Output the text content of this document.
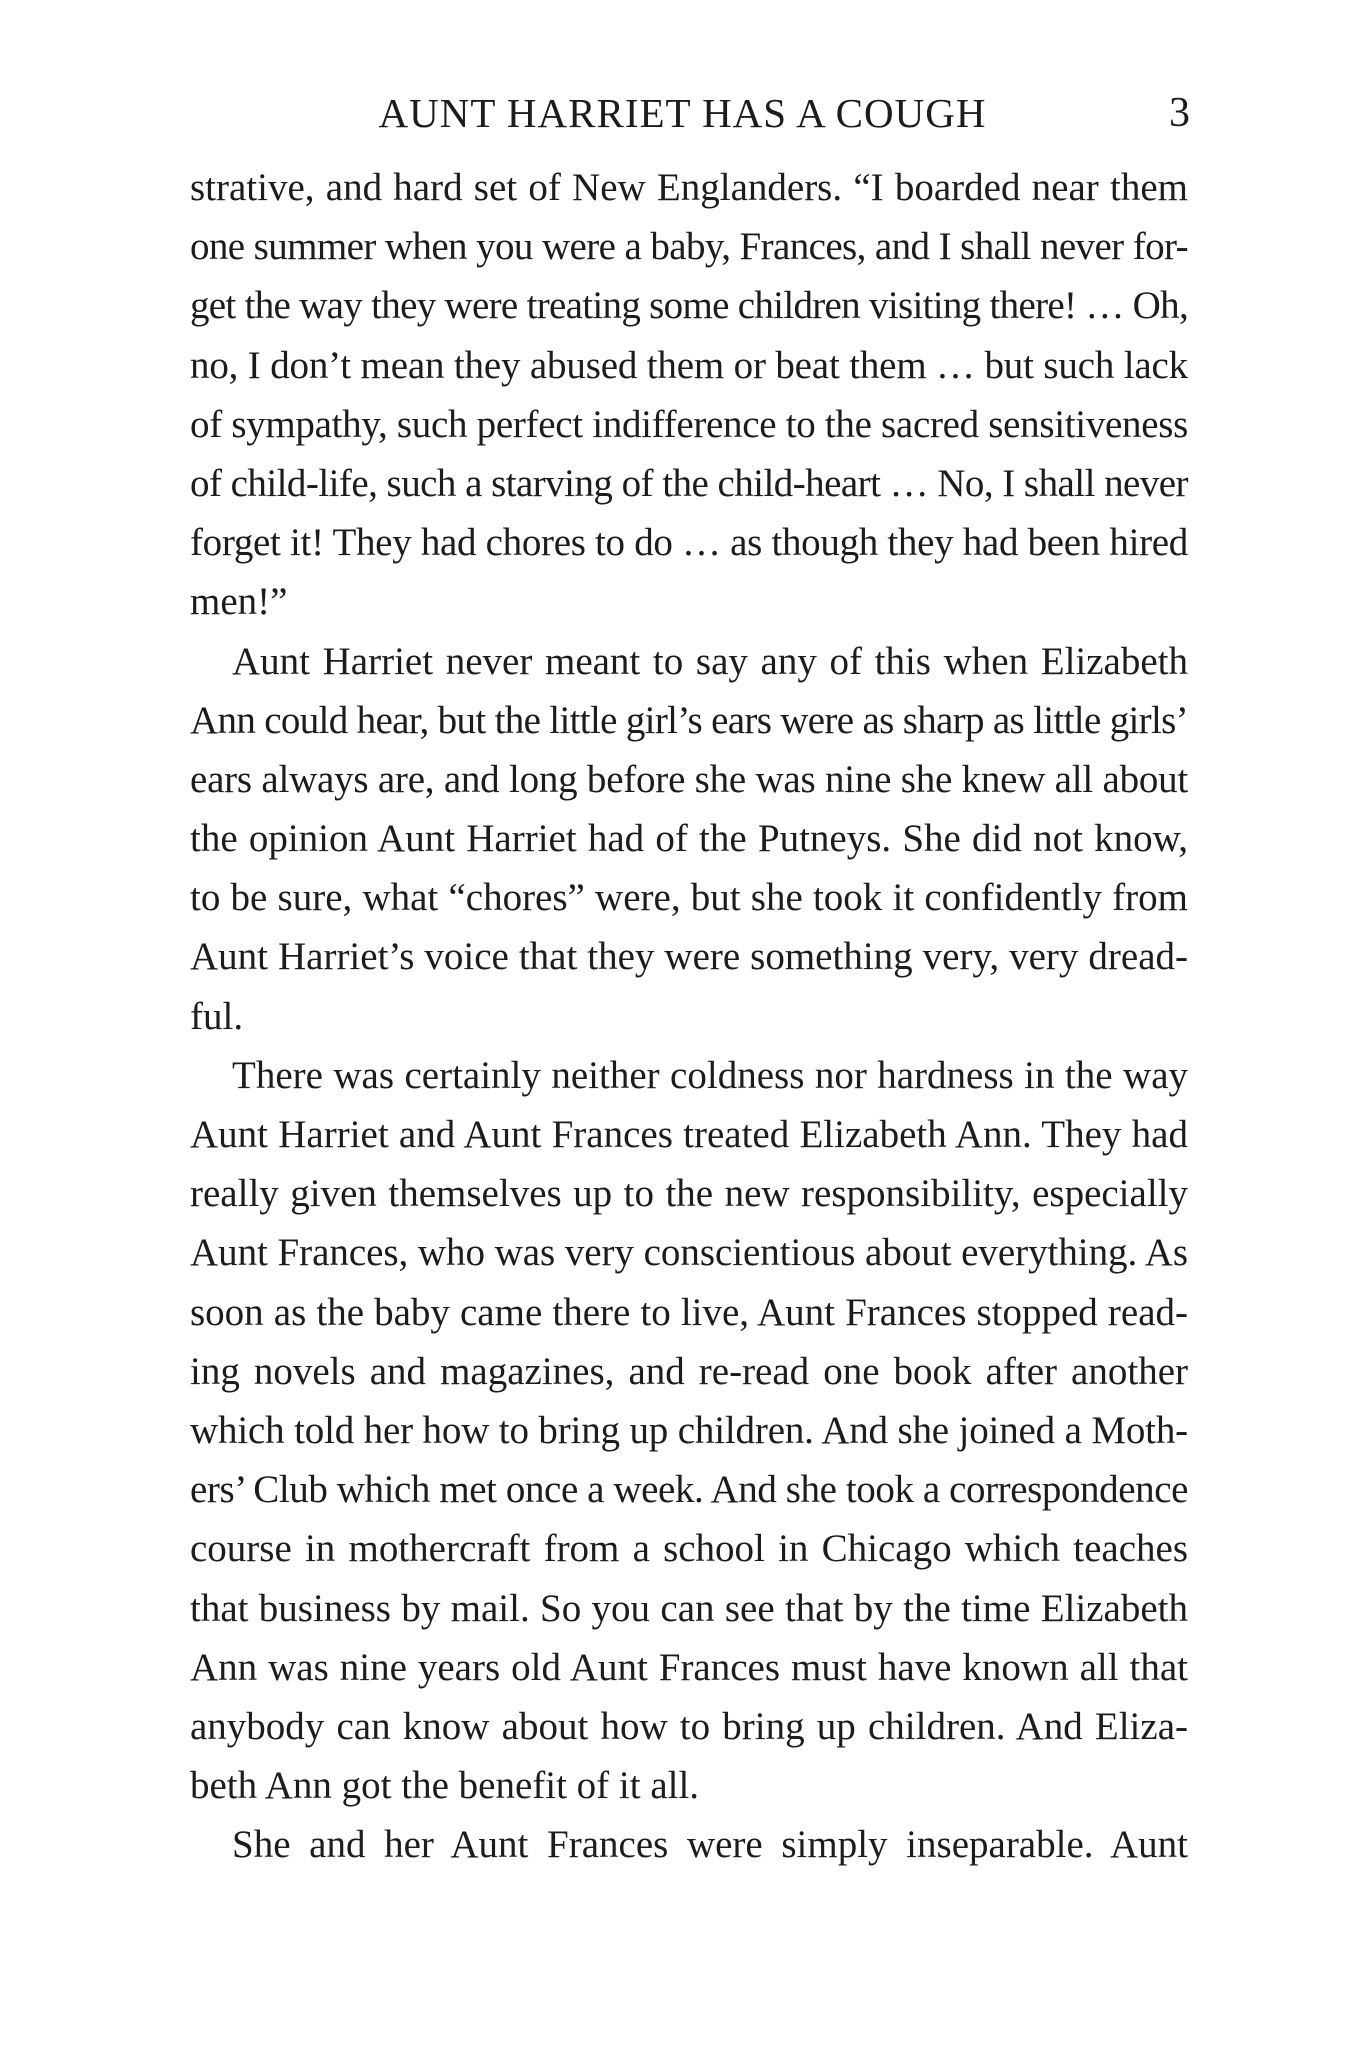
AUNT HARRIET HAS A COUGH	3
strative, and hard set of New Englanders. “I boarded near them
one summer when you were a baby, Frances, and I shall never for-
get the way they were treating some children visiting there! … Oh,
no, I don’t mean they abused them or beat them … but such lack
of sympathy, such perfect indifference to the sacred sensitiveness
of child-life, such a starving of the child-heart … No, I shall never
forget it! They had chores to do … as though they had been hired
men!”
Aunt Harriet never meant to say any of this when Elizabeth
Ann could hear, but the little girl’s ears were as sharp as little girls’
ears always are, and long before she was nine she knew all about
the opinion Aunt Harriet had of the Putneys. She did not know,
to be sure, what “chores” were, but she took it confidently from
Aunt Harriet’s voice that they were something very, very dread-
ful.
There was certainly neither coldness nor hardness in the way
Aunt Harriet and Aunt Frances treated Elizabeth Ann. They had
really given themselves up to the new responsibility, especially
Aunt Frances, who was very conscientious about everything. As
soon as the baby came there to live, Aunt Frances stopped read-
ing novels and magazines, and re-read one book after another
which told her how to bring up children. And she joined a Moth-
ers’ Club which met once a week. And she took a correspondence
course in mothercraft from a school in Chicago which teaches
that business by mail. So you can see that by the time Elizabeth
Ann was nine years old Aunt Frances must have known all that
anybody can know about how to bring up children. And Eliza-
beth Ann got the benefit of it all.
She and her Aunt Frances were simply inseparable. Aunt
